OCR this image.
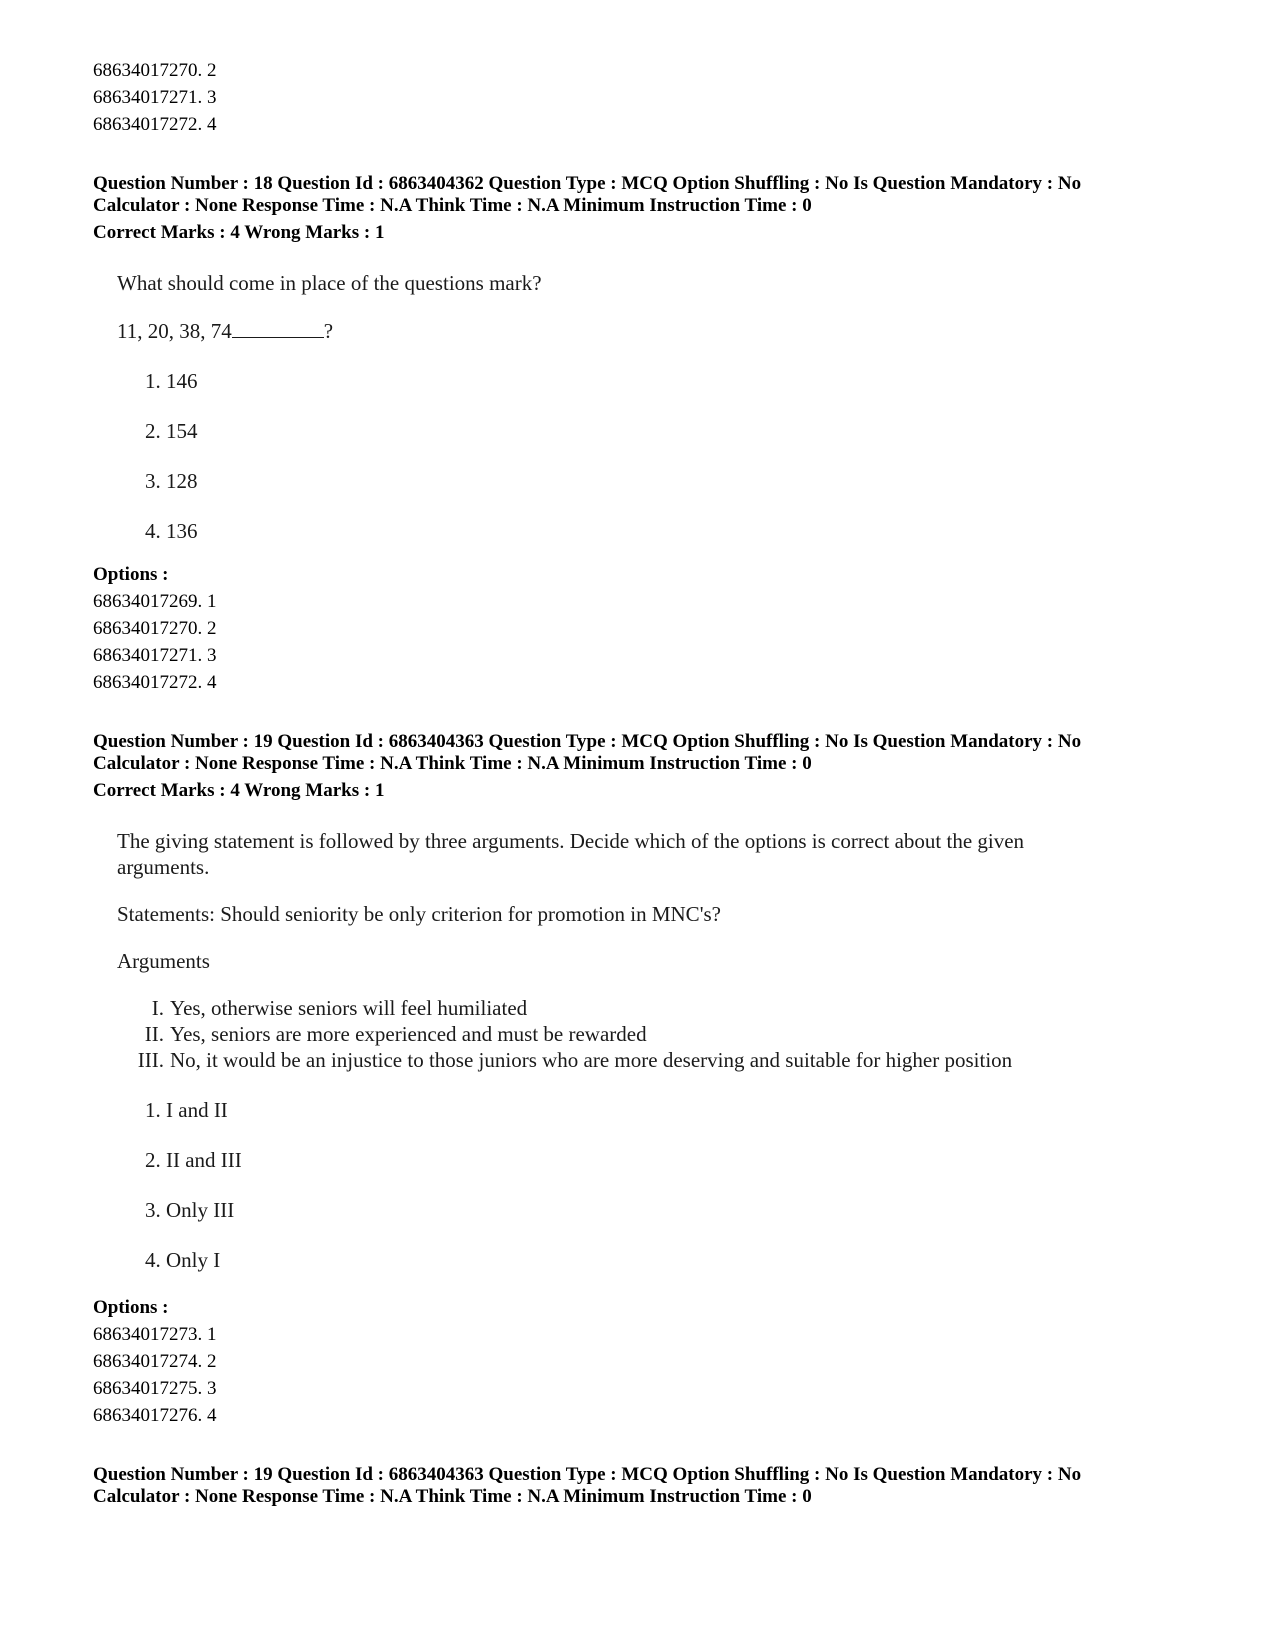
68634017270. 2
68634017271. 3
68634017272. 4
Question Number : 18 Question Id : 6863404362 Question Type : MCQ Option Shuffling : No Is Question Mandatory : No
Calculator : None Response Time : N.A Think Time : N.A Minimum Instruction Time : 0
Correct Marks : 4 Wrong Marks : 1
What should come in place of the questions mark?
11, 20, 38, 74	?
1. 146
2. 154
3. 128
4. 136
Options :
68634017269. 1
68634017270. 2
68634017271. 3
68634017272. 4
Question Number : 19 Question Id : 6863404363 Question Type : MCQ Option Shuffling : No Is Question Mandatory : No
Calculator : None Response Time : N.A Think Time : N.A Minimum Instruction Time : 0
Correct Marks : 4 Wrong Marks : 1
The giving statement is followed by three arguments. Decide which of the options is correct about the given
arguments.
Statements: Should seniority be only criterion for promotion in MNC's?
Arguments
I. Yes, otherwise seniors will feel humiliated
II. Yes, seniors are more experienced and must be rewarded
III. No, it would be an injustice to those juniors who are more deserving and suitable for higher position
1. I and II
2. II and III
3. Only III
4. Only I
Options :
68634017273. 1
68634017274. 2
68634017275. 3
68634017276. 4
Question Number : 19 Question Id : 6863404363 Question Type : MCQ Option Shuffling : No Is Question Mandatory : No
Calculator : None Response Time : N.A Think Time : N.A Minimum Instruction Time : 0
